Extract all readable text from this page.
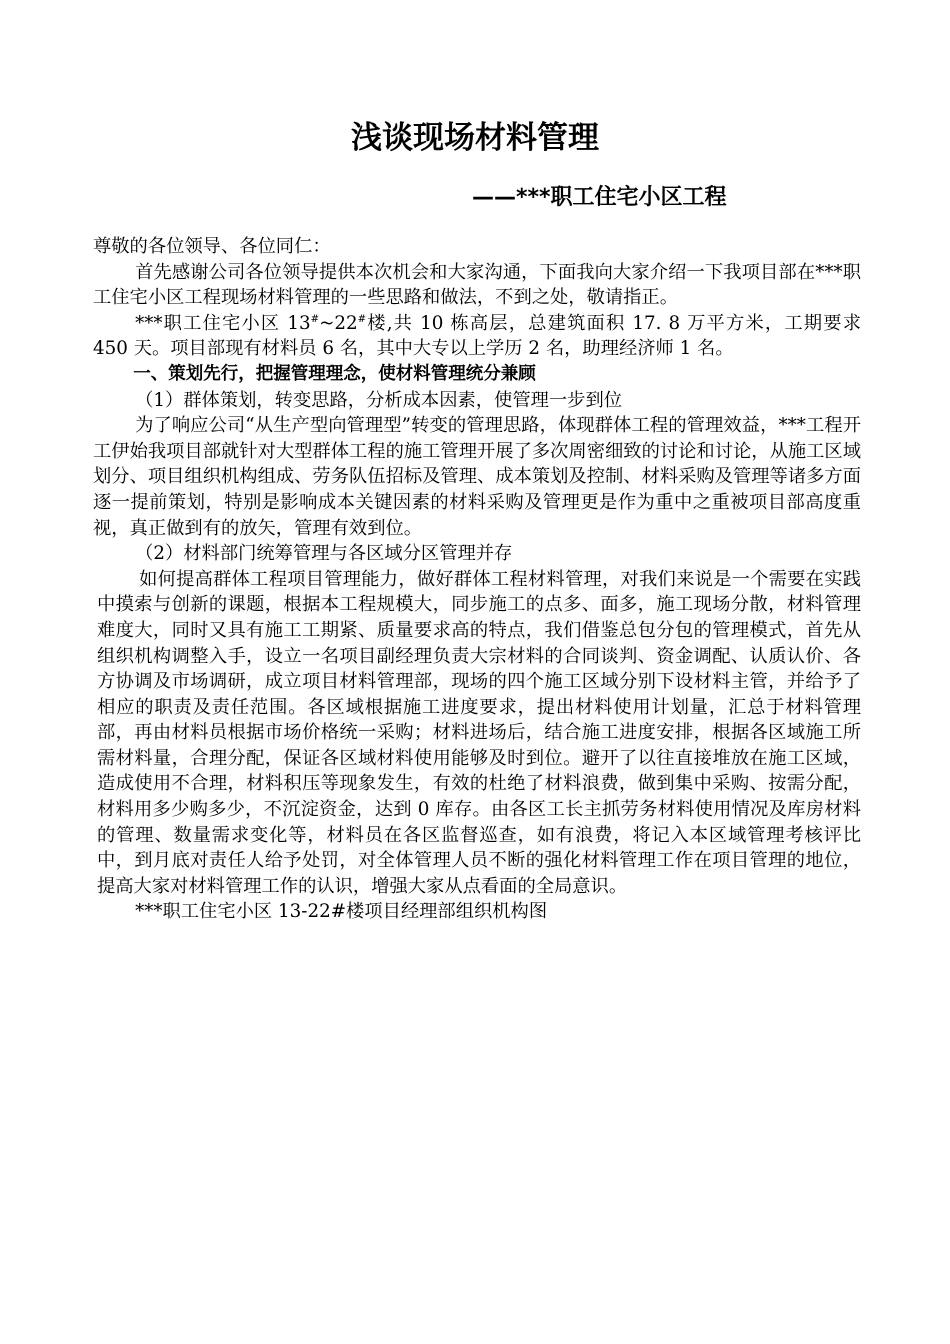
浅谈现场材料管理
——***职工住宅小区工程

尊敬的各位领导、各位同仁：

首先感谢公司各位领导提供本次机会和大家沟通，下面我向大家介绍一下我项目部在***职工住宅小区工程现场材料管理的一些思路和做法，不到之处，敬请指正。

***职工住宅小区 13#~22#楼,共 10 栋高层，总建筑面积 17. 8 万平方米，工期要求 450 天。项目部现有材料员 6 名，其中大专以上学历 2 名，助理经济师 1 名。

一、策划先行，把握管理理念，使材料管理统分兼顾

（1）群体策划，转变思路，分析成本因素，使管理一步到位

为了响应公司“从生产型向管理型”转变的管理思路，体现群体工程的管理效益，***工程开工伊始我项目部就针对大型群体工程的施工管理开展了多次周密细致的讨论和讨论，从施工区域划分、项目组织机构组成、劳务队伍招标及管理、成本策划及控制、材料采购及管理等诸多方面逐一提前策划，特别是影响成本关键因素的材料采购及管理更是作为重中之重被项目部高度重视，真正做到有的放矢，管理有效到位。

（2）材料部门统筹管理与各区域分区管理并存

如何提高群体工程项目管理能力，做好群体工程材料管理，对我们来说是一个需要在实践中摸索与创新的课题，根据本工程规模大，同步施工的点多、面多，施工现场分散，材料管理难度大，同时又具有施工工期紧、质量要求高的特点，我们借鉴总包分包的管理模式，首先从组织机构调整入手，设立一名项目副经理负责大宗材料的合同谈判、资金调配、认质认价、各方协调及市场调研，成立项目材料管理部，现场的四个施工区域分别下设材料主管，并给予了相应的职责及责任范围。各区域根据施工进度要求，提出材料使用计划量，汇总于材料管理部，再由材料员根据市场价格统一采购；材料进场后，结合施工进度安排，根据各区域施工所需材料量，合理分配，保证各区域材料使用能够及时到位。避开了以往直接堆放在施工区域，造成使用不合理，材料积压等现象发生，有效的杜绝了材料浪费，做到集中采购、按需分配，材料用多少购多少，不沉淀资金，达到 0 库存。由各区工长主抓劳务材料使用情况及库房材料的管理、数量需求变化等，材料员在各区监督巡查，如有浪费，将记入本区域管理考核评比中，到月底对责任人给予处罚，对全体管理人员不断的强化材料管理工作在项目管理的地位，提高大家对材料管理工作的认识，增强大家从点看面的全局意识。

***职工住宅小区 13-22#楼项目经理部组织机构图
